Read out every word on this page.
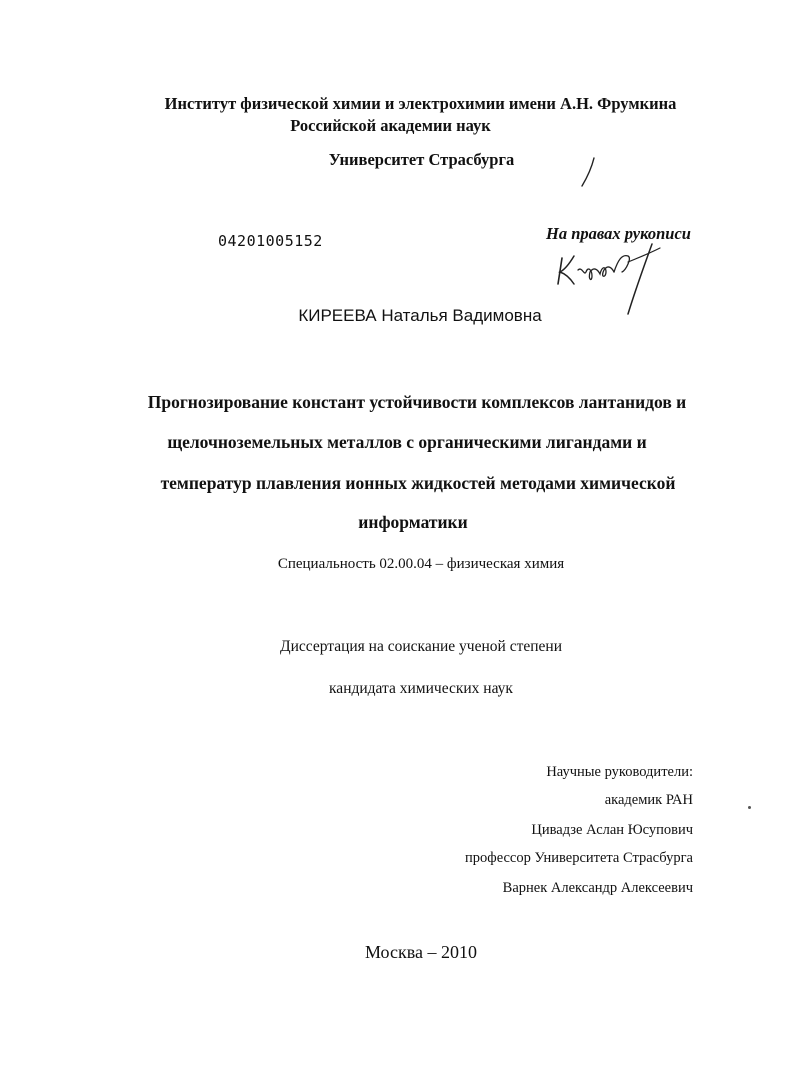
Институт физической химии и электрохимии имени А.Н. Фрумкина
Российской академии наук
Университет Страсбурга
04201005152	На правах рукописи
КИРЕЕВА Наталья Вадимовна
Прогнозирование констант устойчивости комплексов лантанидов и
щелочноземельных металлов с органическими лигандами и
температур плавления ионных жидкостей методами химической
информатики
Специальность 02.00.04 – физическая химия
Диссертация на соискание ученой степени
кандидата химических наук
Научные руководители:
академик РАН
Цивадзе Аслан Юсупович
профессор Университета Страсбурга
Варнек Александр Алексеевич
Москва – 2010
